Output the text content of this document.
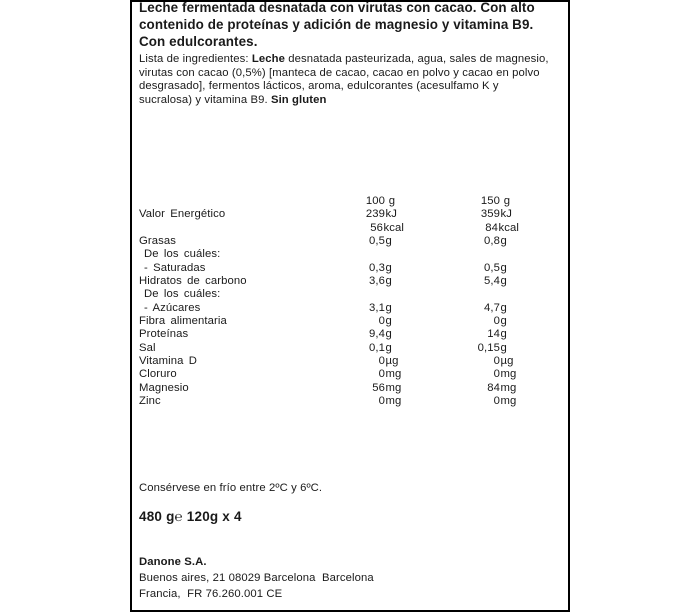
Leche fermentada desnatada con virutas con cacao. Con alto
contenido de proteínas y adición de magnesio y vitamina B9.
Con edulcorantes.
Lista de ingredientes: Leche desnatada pasteurizada, agua, sales de magnesio,
virutas con cacao (0,5%) [manteca de cacao, cacao en polvo y cacao en polvo
desgrasado], fermentos lácticos, aroma, edulcorantes (acesulfamo K y
sucralosa) y vitamina B9. Sin gluten
100 g	150 g
Valor Energético	239 kJ	359 kJ
56 kcal	84 kcal
Grasas	0,5 g	0,8 g
De los cuáles:
- Saturadas	0,3 g	0,5 g
Hidratos de carbono	3,6 g	5,4 g
De los cuáles:
- Azúcares	3,1 g	4,7 g
Fibra alimentaria	0 g	0 g
Proteínas	9,4 g	14 g
Sal	0,1 g	0,15 g
Vitamina D	0 µg	0 µg
Cloruro	0 mg	0 mg
Magnesio	56 mg	84 mg
Zinc	0 mg	0 mg
Consérvese en frío entre 2ºC y 6ºC.
480 g℮ 120g x 4
Danone S.A.
Buenos aires, 21 08029 Barcelona  Barcelona
Francia,  FR 76.260.001 CE
